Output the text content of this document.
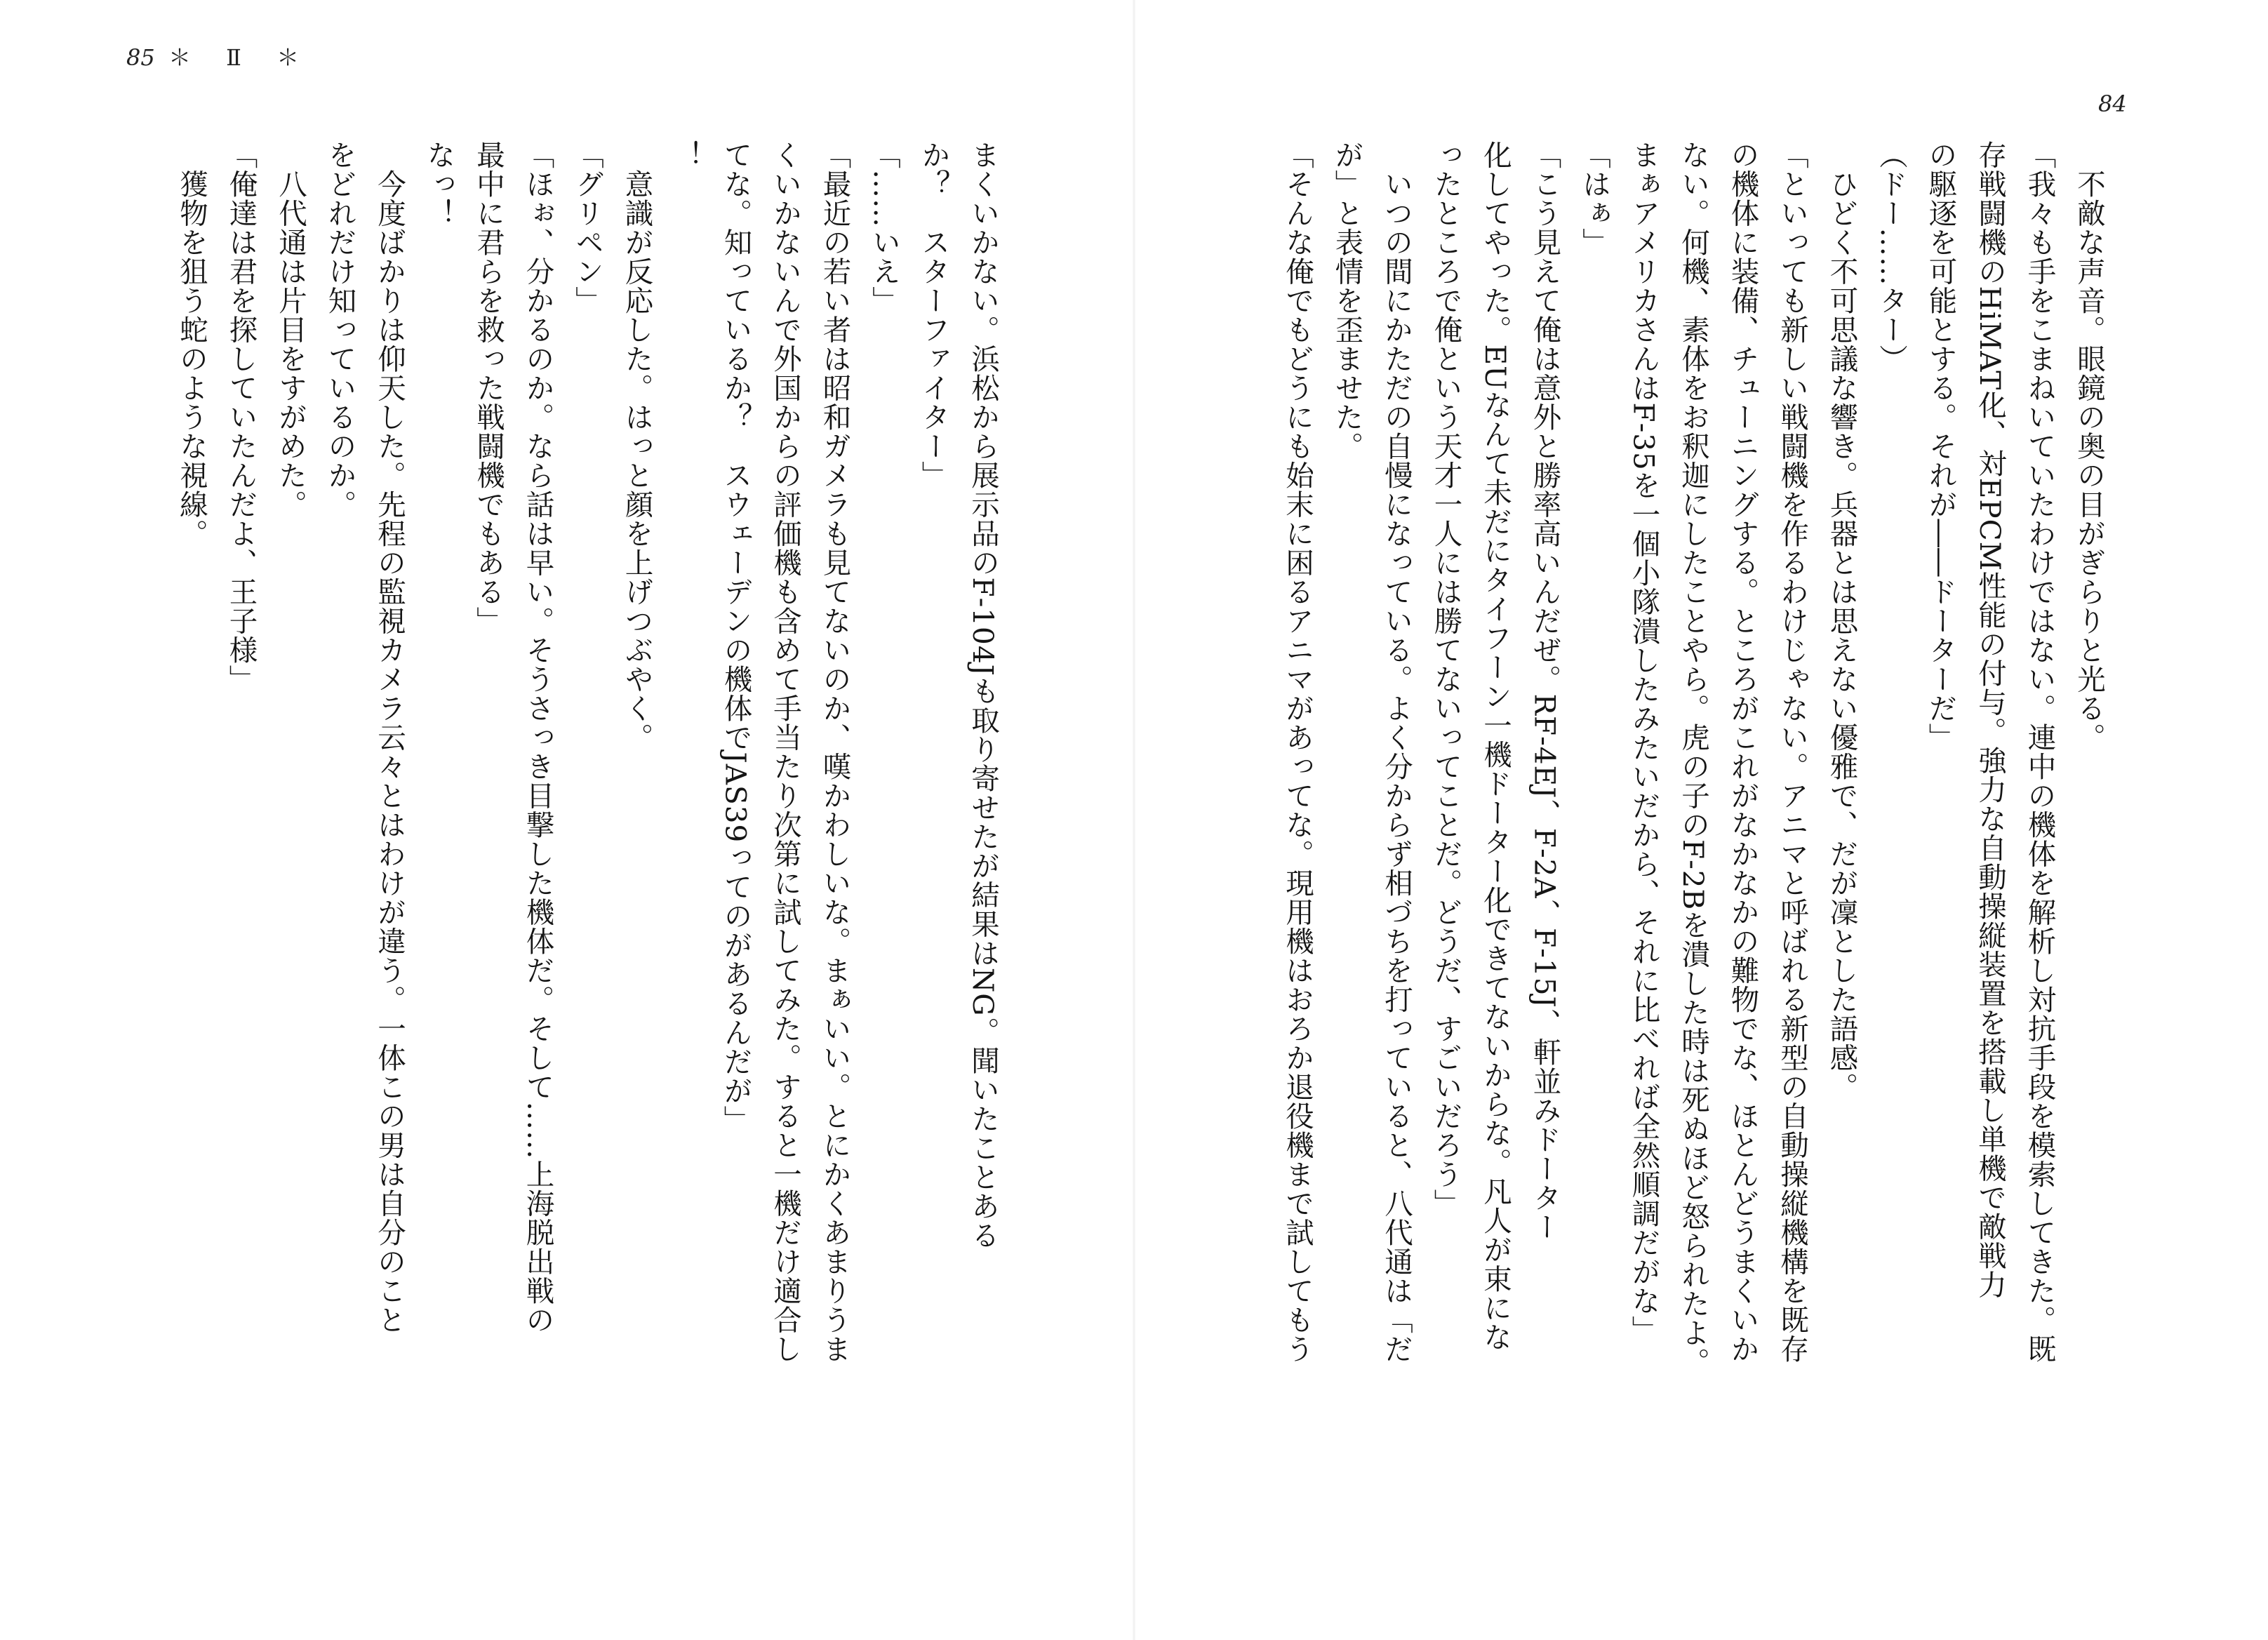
85 ＊ Ⅱ ＊
まくいかない。浜松から展示品のF‐104Jも取り寄せたが結果はNG。聞いたことある
か？　スターファイター」
「……いえ」
「最近の若い者は昭和ガメラも見てないのか、嘆かわしいな。まぁいい。とにかくあまりうま
くいかないんで外国からの評価機も含めて手当たり次第に試してみた。すると一機だけ適合し
てな。知っているか？　スウェーデンの機体でJAS39ってのがあるんだが」
！
　意識が反応した。はっと顔を上げつぶやく。
「グリペン」
「ほぉ、分かるのか。なら話は早い。そうさっき目撃した機体だ。そして……上海脱出戦の
最中に君らを救った戦闘機でもある」
なっ！
　今度ばかりは仰天した。先程の監視カメラ云々とはわけが違う。一体この男は自分のこと
をどれだけ知っているのか。
　八代通は片目をすがめた。
「俺達は君を探していたんだよ、王子様」
　獲物を狙う蛇のような視線。
84
　不敵な声音。眼鏡の奥の目がぎらりと光る。
「我々も手をこまねいていたわけではない。連中の機体を解析し対抗手段を模索してきた。既
存戦闘機のHiMAT化、対EPCM性能の付与。強力な自動操縦装置を搭載し単機で敵戦力
の駆逐を可能とする。それが――ドーターだ」
（ドー……ター）
　ひどく不可思議な響き。兵器とは思えない優雅で、だが凜とした語感。
「といっても新しい戦闘機を作るわけじゃない。アニマと呼ばれる新型の自動操縦機構を既存
の機体に装備、チューニングする。ところがこれがなかなかの難物でな、ほとんどうまくいか
ない。何機、素体をお釈迦にしたことやら。虎の子のF‐2Bを潰した時は死ぬほど怒られたよ。
まぁアメリカさんはF‐35を一個小隊潰したみたいだから、それに比べれば全然順調だがな」
「はぁ」
「こう見えて俺は意外と勝率高いんだぜ。RF‐4EJ、F‐2A、F‐15J、軒並みドーター
化してやった。EUなんて未だにタイフーン一機ドーター化できてないからな。凡人が束にな
ったところで俺という天才一人には勝てないってことだ。どうだ、すごいだろう」
　いつの間にかただの自慢になっている。よく分からず相づちを打っていると、八代通は「だ
が」と表情を歪ませた。
「そんな俺でもどうにも始末に困るアニマがあってな。現用機はおろか退役機まで試してもう
